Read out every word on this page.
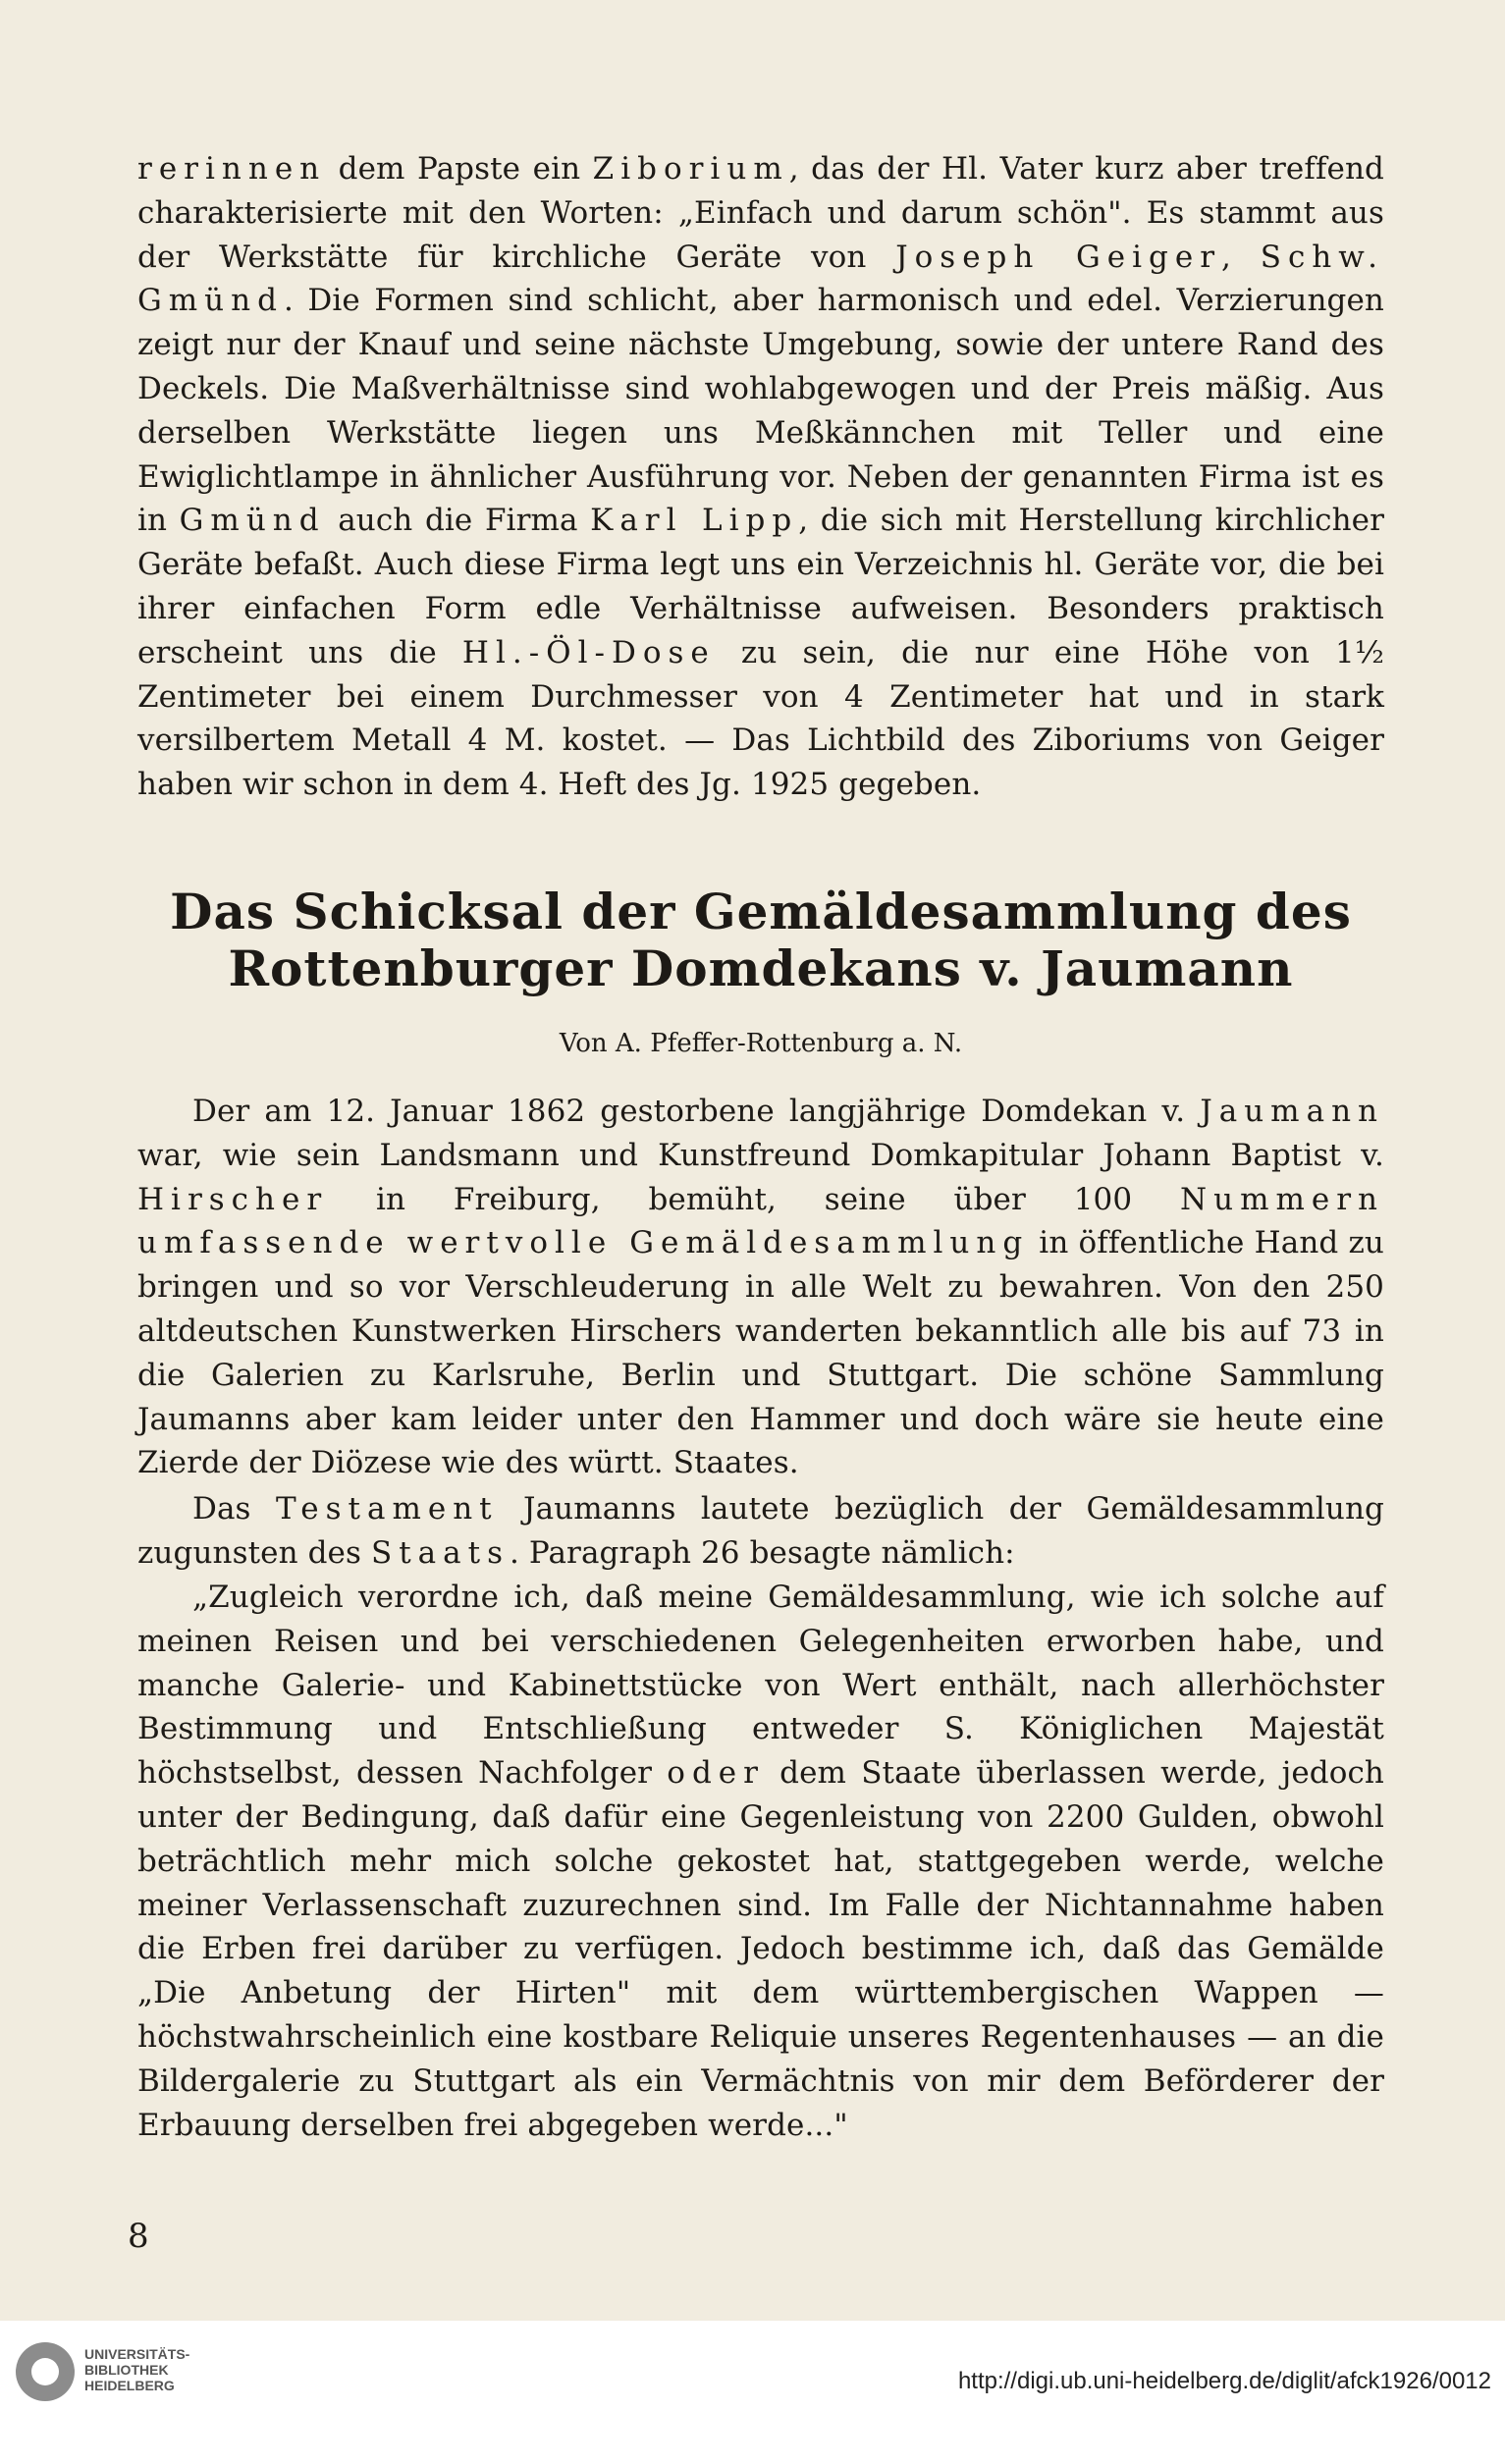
rerinnen dem Papste ein Ziborium, das der Hl. Vater kurz aber treffend charakterisierte mit den Worten: „Einfach und darum schön". Es stammt aus der Werkstätte für kirchliche Geräte von Joseph Geiger, Schw. Gmünd. Die Formen sind schlicht, aber harmonisch und edel. Verzierungen zeigt nur der Knauf und seine nächste Umgebung, sowie der untere Rand des Deckels. Die Maßverhältnisse sind wohlabgewogen und der Preis mäßig. Aus derselben Werkstätte liegen uns Meßkännchen mit Teller und eine Ewiglichtlampe in ähnlicher Ausführung vor. Neben der genannten Firma ist es in Gmünd auch die Firma Karl Lipp, die sich mit Herstellung kirchlicher Geräte befaßt. Auch diese Firma legt uns ein Verzeichnis hl. Geräte vor, die bei ihrer einfachen Form edle Verhältnisse aufweisen. Besonders praktisch erscheint uns die Hl.-Öl-Dose zu sein, die nur eine Höhe von 1½ Zentimeter bei einem Durchmesser von 4 Zentimeter hat und in stark versilbertem Metall 4 M. kostet. — Das Lichtbild des Ziboriums von Geiger haben wir schon in dem 4. Heft des Jg. 1925 gegeben.

Das Schicksal der Gemäldesammlung des Rottenburger Domdekans v. Jaumann
Von A. Pfeffer-Rottenburg a. N.

Der am 12. Januar 1862 gestorbene langjährige Domdekan v. Jaumann war, wie sein Landsmann und Kunstfreund Domkapitular Johann Baptist v. Hirscher in Freiburg, bemüht, seine über 100 Nummern umfassende wertvolle Gemäldesammlung in öffentliche Hand zu bringen und so vor Verschleuderung in alle Welt zu bewahren. Von den 250 altdeutschen Kunstwerken Hirschers wanderten bekanntlich alle bis auf 73 in die Galerien zu Karlsruhe, Berlin und Stuttgart. Die schöne Sammlung Jaumanns aber kam leider unter den Hammer und doch wäre sie heute eine Zierde der Diözese wie des württ. Staates.

Das Testament Jaumanns lautete bezüglich der Gemäldesammlung zugunsten des Staats. Paragraph 26 besagte nämlich:

„Zugleich verordne ich, daß meine Gemäldesammlung, wie ich solche auf meinen Reisen und bei verschiedenen Gelegenheiten erworben habe, und manche Galerie- und Kabinettstücke von Wert enthält, nach allerhöchster Bestimmung und Entschließung entweder S. Königlichen Majestät höchstselbst, dessen Nachfolger oder dem Staate überlassen werde, jedoch unter der Bedingung, daß dafür eine Gegenleistung von 2200 Gulden, obwohl beträchtlich mehr mich solche gekostet hat, stattgegeben werde, welche meiner Verlassenschaft zuzurechnen sind. Im Falle der Nichtannahme haben die Erben frei darüber zu verfügen. Jedoch bestimme ich, daß das Gemälde „Die Anbetung der Hirten" mit dem württembergischen Wappen — höchstwahrscheinlich eine kostbare Reliquie unseres Regentenhauses — an die Bildergalerie zu Stuttgart als ein Vermächtnis von mir dem Beförderer der Erbauung derselben frei abgegeben werde..."

8
UNIVERSITÄTS-
BIBLIOTHEK
HEIDELBERG	http://digi.ub.uni-heidelberg.de/diglit/afck1926/0012
